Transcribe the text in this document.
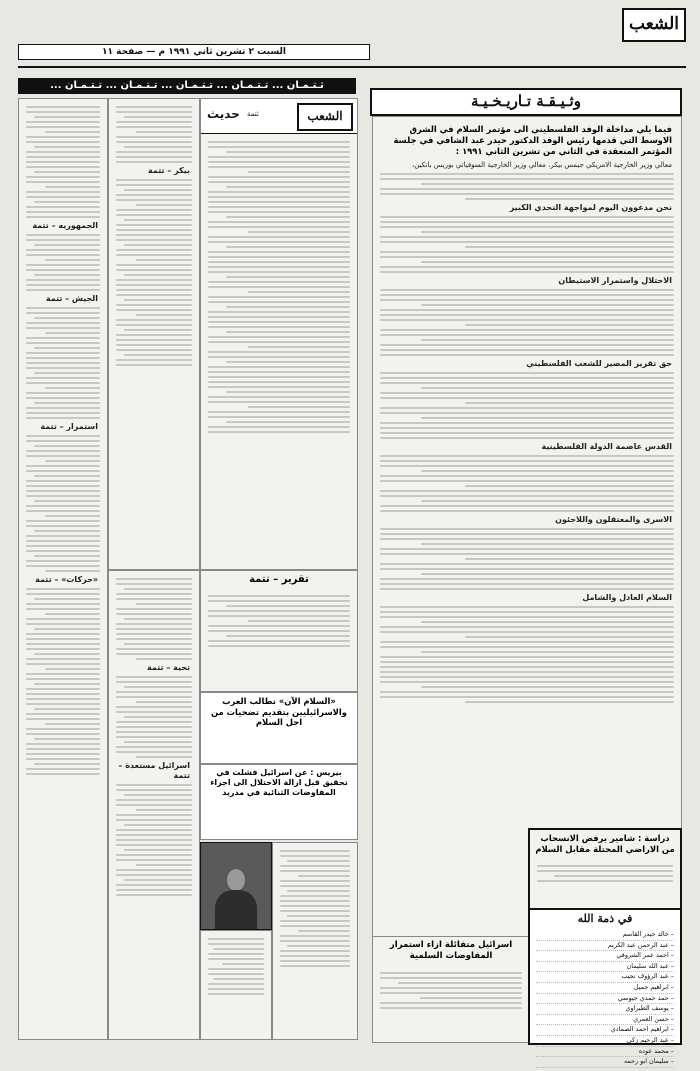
الشعب
السبت ٢ تشرين ثاني ١٩٩١ م — صفحة ١١
وثـيـقـة تـاريـخـيـة
فيما يلي مداخلة الوفد الفلسطيني الى مؤتمر السلام في الشرق الاوسط التي قدمها رئيس الوفد الدكتور حيدر عبد الشافي في جلسة المؤتمر المنعقدة في الثاني من تشرين الثاني ١٩٩١ :
معالي وزير الخارجية الامريكي جيمس بيكر، معالي وزير الخارجية السوفياتي بوريس بانكين،
نحن مدعوون اليوم لمواجهة التحدي الكبير
الاحتلال واستمرار الاستيطان
حق تقرير المصير للشعب الفلسطيني
القدس عاصمة الدولة الفلسطينية
الاسرى والمعتقلون واللاجئون
السلام العادل والشامل
اسرائيل متفائلة ازاء استمرار المفاوضات السلمية
دراسة : شامير يرفض الانسحاب من الاراضي المحتلة مقابل السلام
في ذمة الله
– خالد حيدر القاسم
– عبد الرحمن عبد الكريم
– احمد عمر الشروقي
– عبد الله سليمان
– عبد الرؤوف نجيب
– ابراهيم جميل
– حمد حمدي جيوسي
– يوسف الطيراوي
– حسن الغمري
– ابراهيم احمد الصمادي
– عبد الرحيم زكي
– محمد عوده
– سليمان ابو رحمه
ثـتـمـان ... تـتـمـان ... تـتـمـان ... تـتـمـان ... تـتـمـان ...
الشعب
حديث ثتمة
بيكر – تتمة
الجمهوريه – تتمة
الجيش – تتمة
استمرار – تتمة
«حركات» – تتمة	تقرير – تتمة
«السلام الآن» تطالب العرب والاسرائيليين بتقديم تضحيات من اجل السلام
بيريس : عن اسرائيل فشلت في تحقيق قبل ازالة الاحتلال الى اجراء المفاوضات الثنائية في مدريد
تحية – تتمة
اسرائيل مستعدة – تتمة
